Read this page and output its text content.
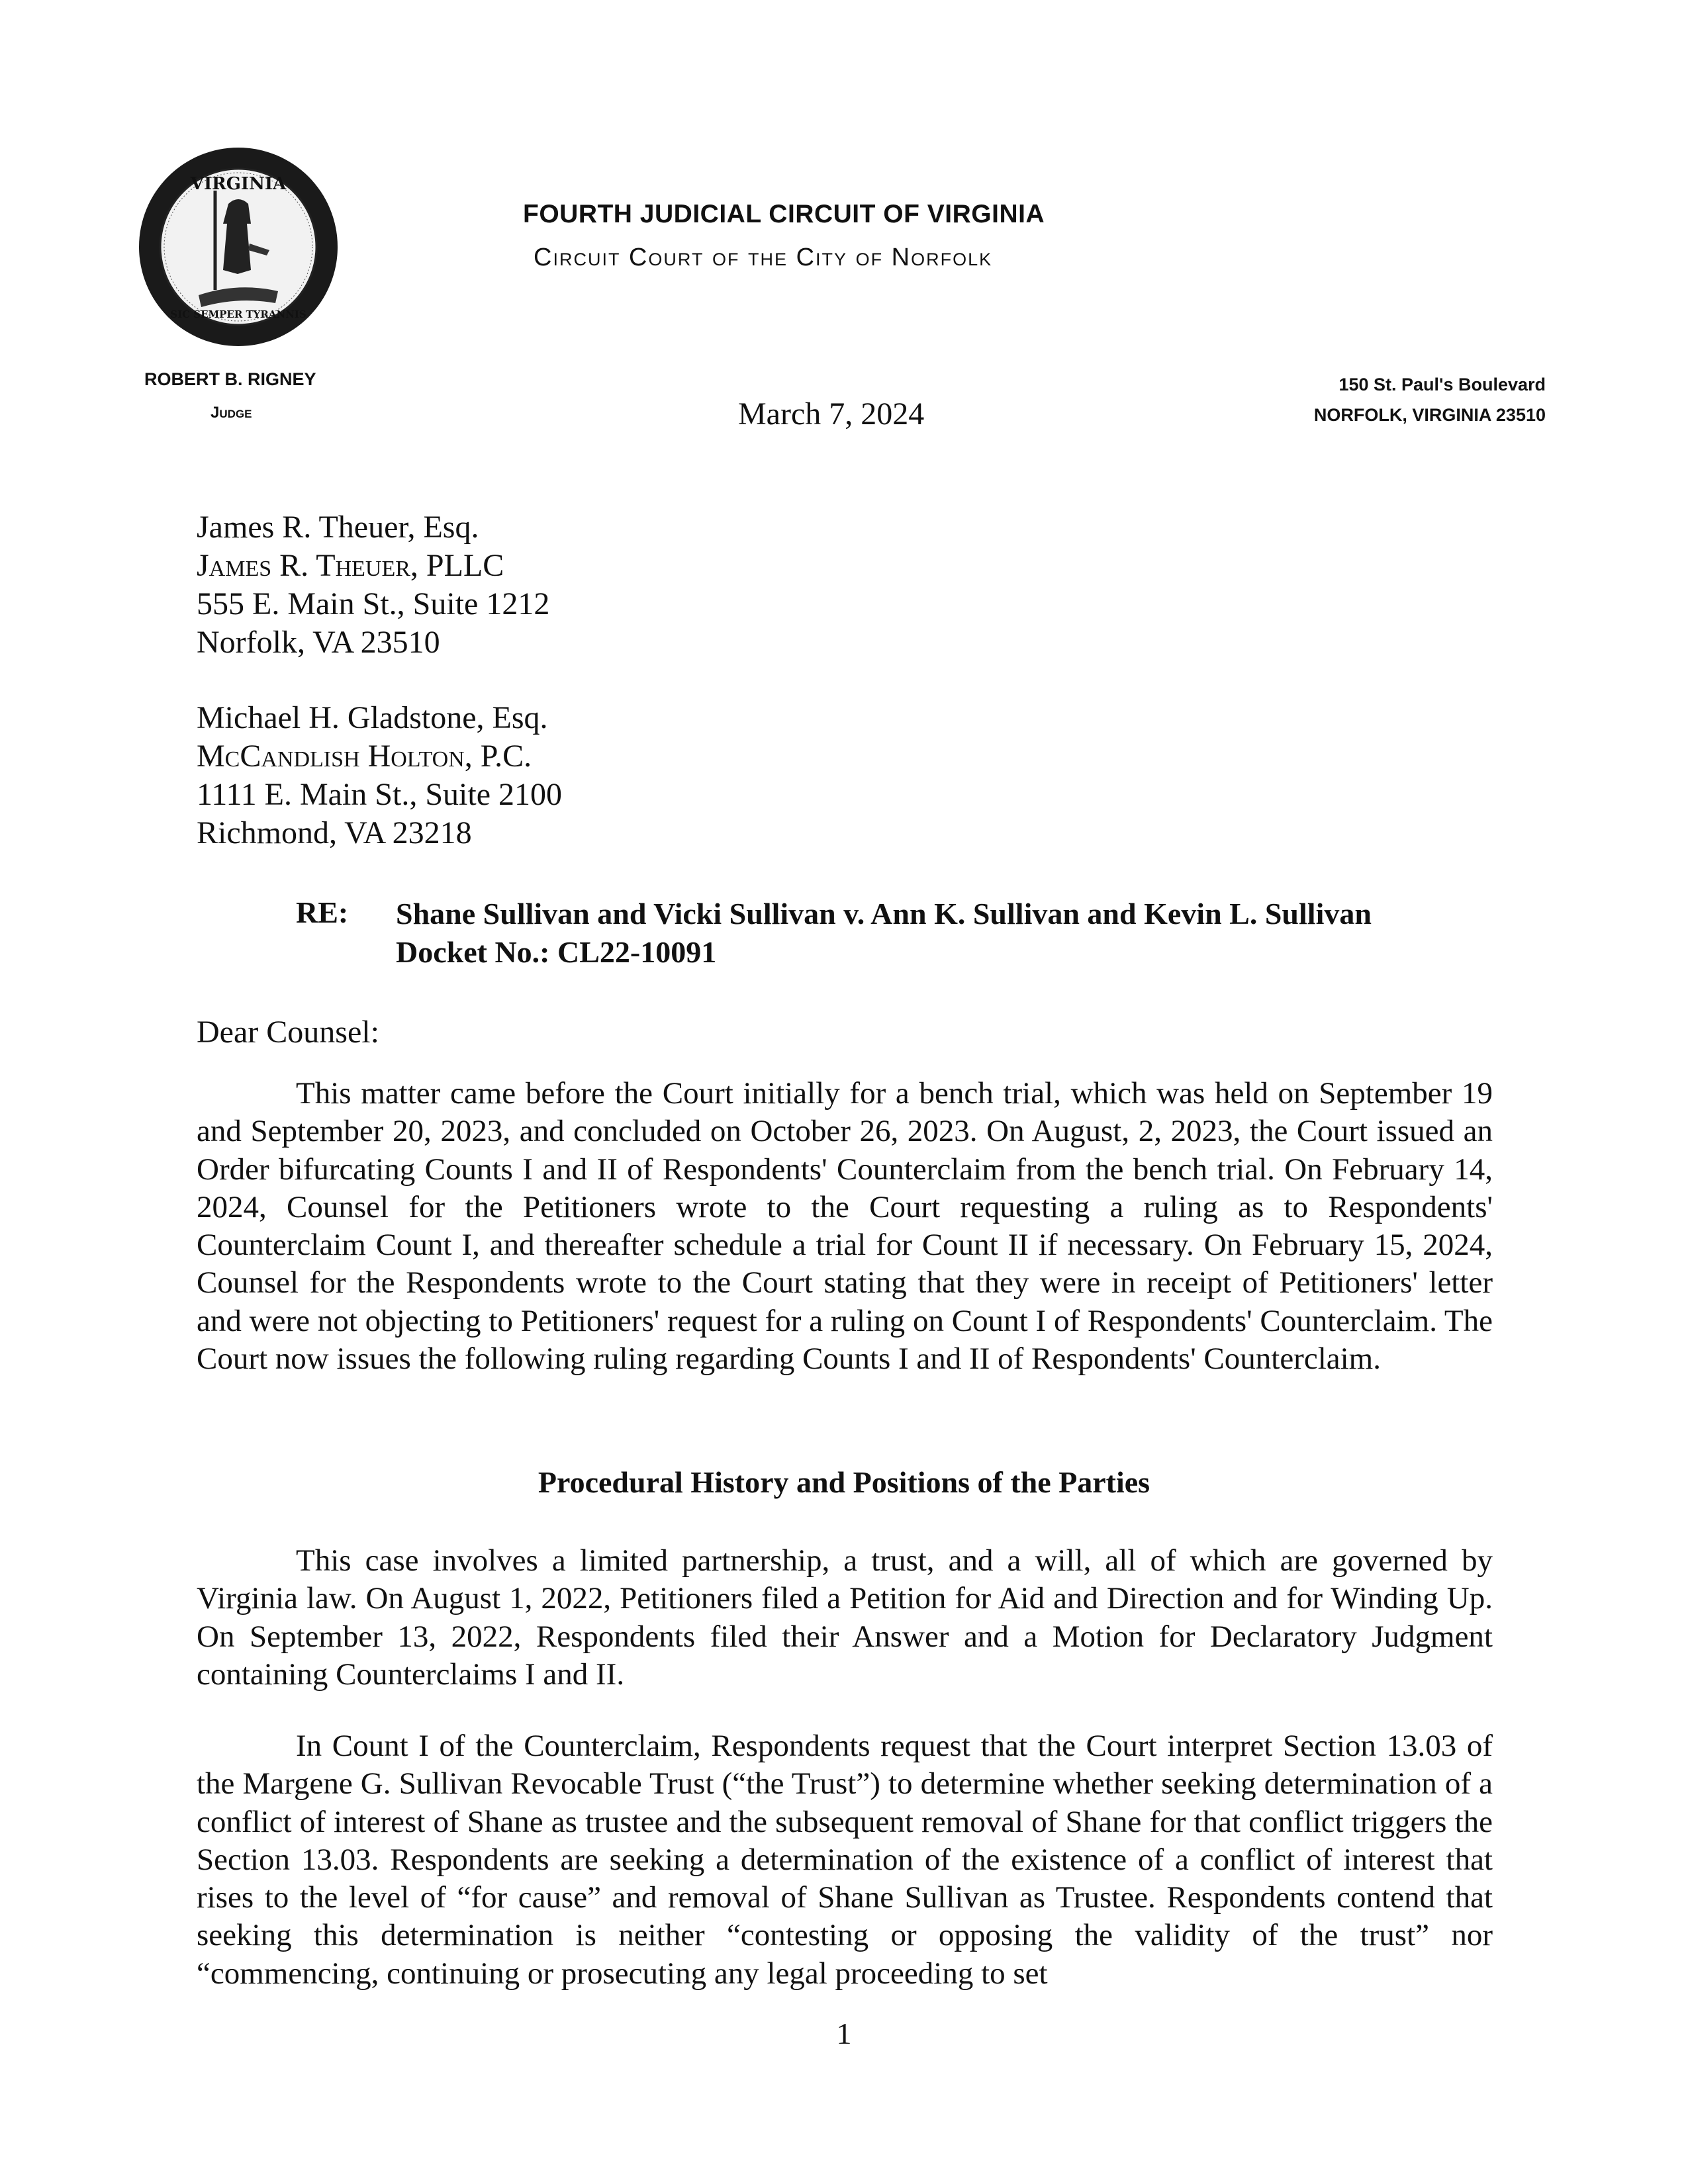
VIRGINIA
SIC SEMPER TYRANNIS
FOURTH JUDICIAL CIRCUIT OF VIRGINIA
Circuit Court of the City of Norfolk
ROBERT B. RIGNEY
Judge
150 St. Paul's Boulevard
NORFOLK, VIRGINIA 23510
March 7, 2024
James R. Theuer, Esq.
James R. Theuer, PLLC
555 E. Main St., Suite 1212
Norfolk, VA 23510
Michael H. Gladstone, Esq.
McCandlish Holton, P.C.
1111 E. Main St., Suite 2100
Richmond, VA 23218
RE: Shane Sullivan and Vicki Sullivan v. Ann K. Sullivan and Kevin L. Sullivan
Docket No.: CL22-10091
Dear Counsel:
This matter came before the Court initially for a bench trial, which was held on September 19 and September 20, 2023, and concluded on October 26, 2023. On August, 2, 2023, the Court issued an Order bifurcating Counts I and II of Respondents' Counterclaim from the bench trial. On February 14, 2024, Counsel for the Petitioners wrote to the Court requesting a ruling as to Respondents' Counterclaim Count I, and thereafter schedule a trial for Count II if necessary. On February 15, 2024, Counsel for the Respondents wrote to the Court stating that they were in receipt of Petitioners' letter and were not objecting to Petitioners' request for a ruling on Count I of Respondents' Counterclaim. The Court now issues the following ruling regarding Counts I and II of Respondents' Counterclaim.
Procedural History and Positions of the Parties
This case involves a limited partnership, a trust, and a will, all of which are governed by Virginia law. On August 1, 2022, Petitioners filed a Petition for Aid and Direction and for Winding Up. On September 13, 2022, Respondents filed their Answer and a Motion for Declaratory Judgment containing Counterclaims I and II.
In Count I of the Counterclaim, Respondents request that the Court interpret Section 13.03 of the Margene G. Sullivan Revocable Trust (“the Trust”) to determine whether seeking determination of a conflict of interest of Shane as trustee and the subsequent removal of Shane for that conflict triggers the Section 13.03. Respondents are seeking a determination of the existence of a conflict of interest that rises to the level of “for cause” and removal of Shane Sullivan as Trustee. Respondents contend that seeking this determination is neither “contesting or opposing the validity of the trust” nor “commencing, continuing or prosecuting any legal proceeding to set
1
